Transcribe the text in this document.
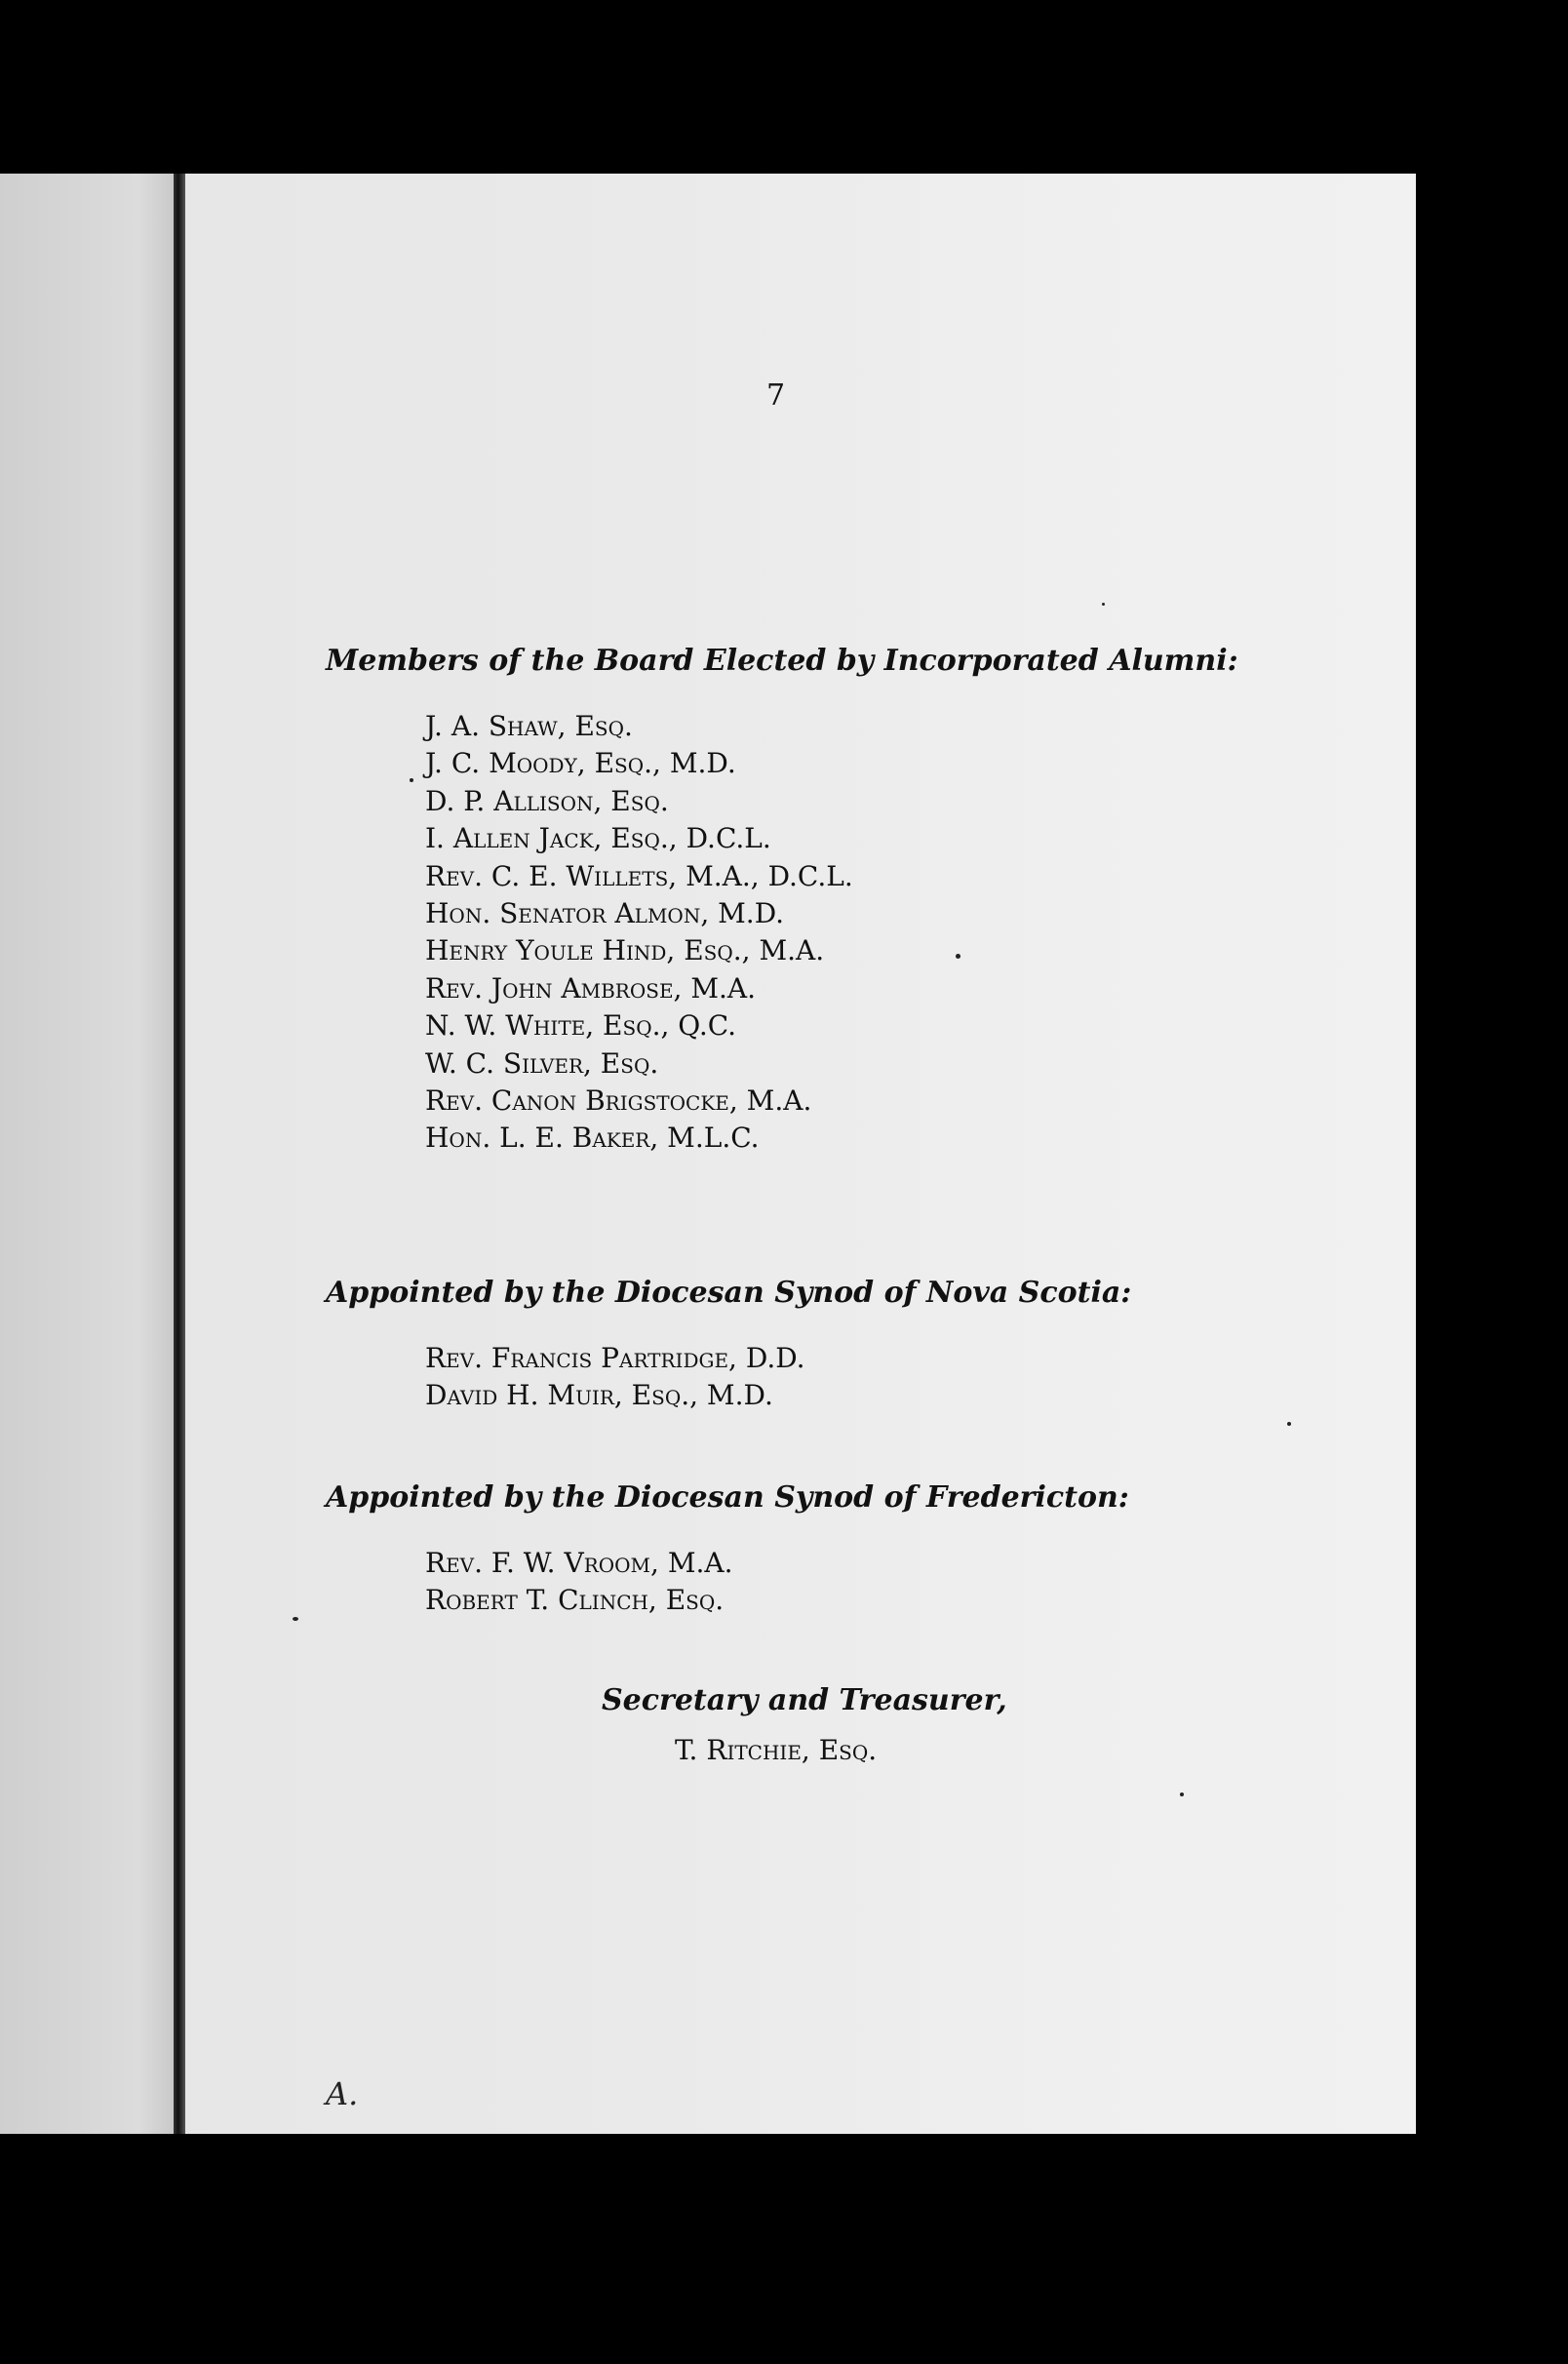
7
Members of the Board Elected by Incorporated Alumni:
J. A. Shaw, Esq.
J. C. Moody, Esq., M.D.
D. P. Allison, Esq.
I. Allen Jack, Esq., D.C.L.
Rev. C. E. Willets, M.A., D.C.L.
Hon. Senator Almon, M.D.
Henry Youle Hind, Esq., M.A.
Rev. John Ambrose, M.A.
N. W. White, Esq., Q.C.
W. C. Silver, Esq.
Rev. Canon Brigstocke, M.A.
Hon. L. E. Baker, M.L.C.
Appointed by the Diocesan Synod of Nova Scotia:
Rev. Francis Partridge, D.D.
David H. Muir, Esq., M.D.
Appointed by the Diocesan Synod of Fredericton:
Rev. F. W. Vroom, M.A.
Robert T. Clinch, Esq.
Secretary and Treasurer,
T. Ritchie, Esq.
A.
